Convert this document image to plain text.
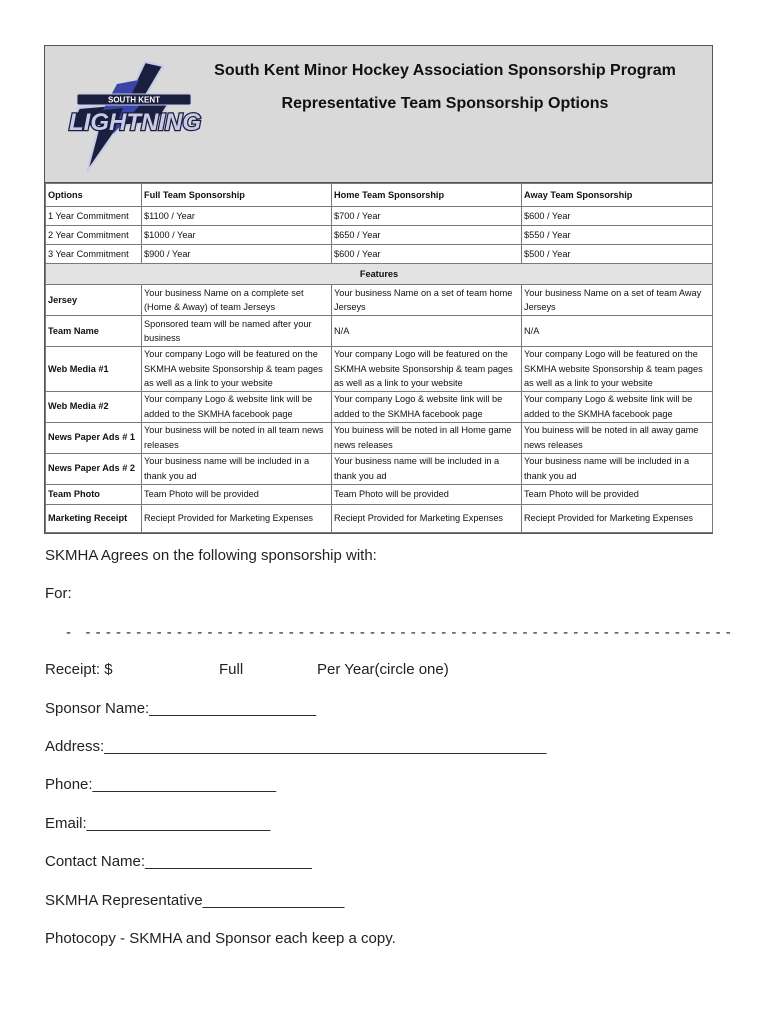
SOUTH KENT
LIGHTNING
South Kent Minor Hockey Association Sponsorship Program
Representative Team Sponsorship Options
Options	Full Team Sponsorship	Home Team Sponsorship	Away Team Sponsorship
1 Year Commitment	$1100 / Year	$700 / Year	$600 / Year
2 Year Commitment	$1000 / Year	$650 / Year	$550 / Year
3 Year Commitment	$900 / Year	$600 / Year	$500 / Year
Features			
Jersey	Your business Name on a complete set (Home & Away) of team Jerseys	Your business Name on a set of team home Jerseys	Your business Name on a set of team Away Jerseys
Team Name	Sponsored team will be named after your business	N/A	N/A
Web Media #1	Your company Logo will be featured on the SKMHA website Sponsorship & team pages as well as a link to your website	Your company Logo will be featured on the SKMHA website Sponsorship & team pages as well as a link to your website	Your company Logo will be featured on the SKMHA website Sponsorship & team pages as well as a link to your website
Web Media #2	Your company Logo & website link will be added to the SKMHA facebook page	Your company Logo & website link will be added to the SKMHA facebook page	Your company Logo & website link will be added to the SKMHA facebook page
News Paper Ads # 1	Your business will be noted in all team news releases	You buiness will be noted in all Home game news releases	You buiness will be noted in all away game news releases
News Paper Ads # 2	Your business name will be included in a thank you ad	Your business name will be included in a thank you ad	Your business name will be included in a thank you ad
Team Photo	Team Photo will be provided	Team Photo will be provided	Team Photo will be provided
Marketing Receipt	Reciept Provided for Marketing Expenses	Reciept Provided for Marketing Expenses	Reciept Provided for Marketing Expenses
SKMHA Agrees on the following sponsorship with:
For:
-   - - - - - - - - - - - - - - - - - - - - - - - - - - - - - - - - - - - - - - - - - - - - - - - - - - - - - - - - - - - - - - - -
Receipt: $	Full	Per Year(circle one)
Sponsor Name:____________________
Address:_____________________________________________________
Phone:______________________
Email:______________________
Contact Name:____________________
SKMHA Representative_________________
Photocopy - SKMHA and Sponsor each keep a copy.
